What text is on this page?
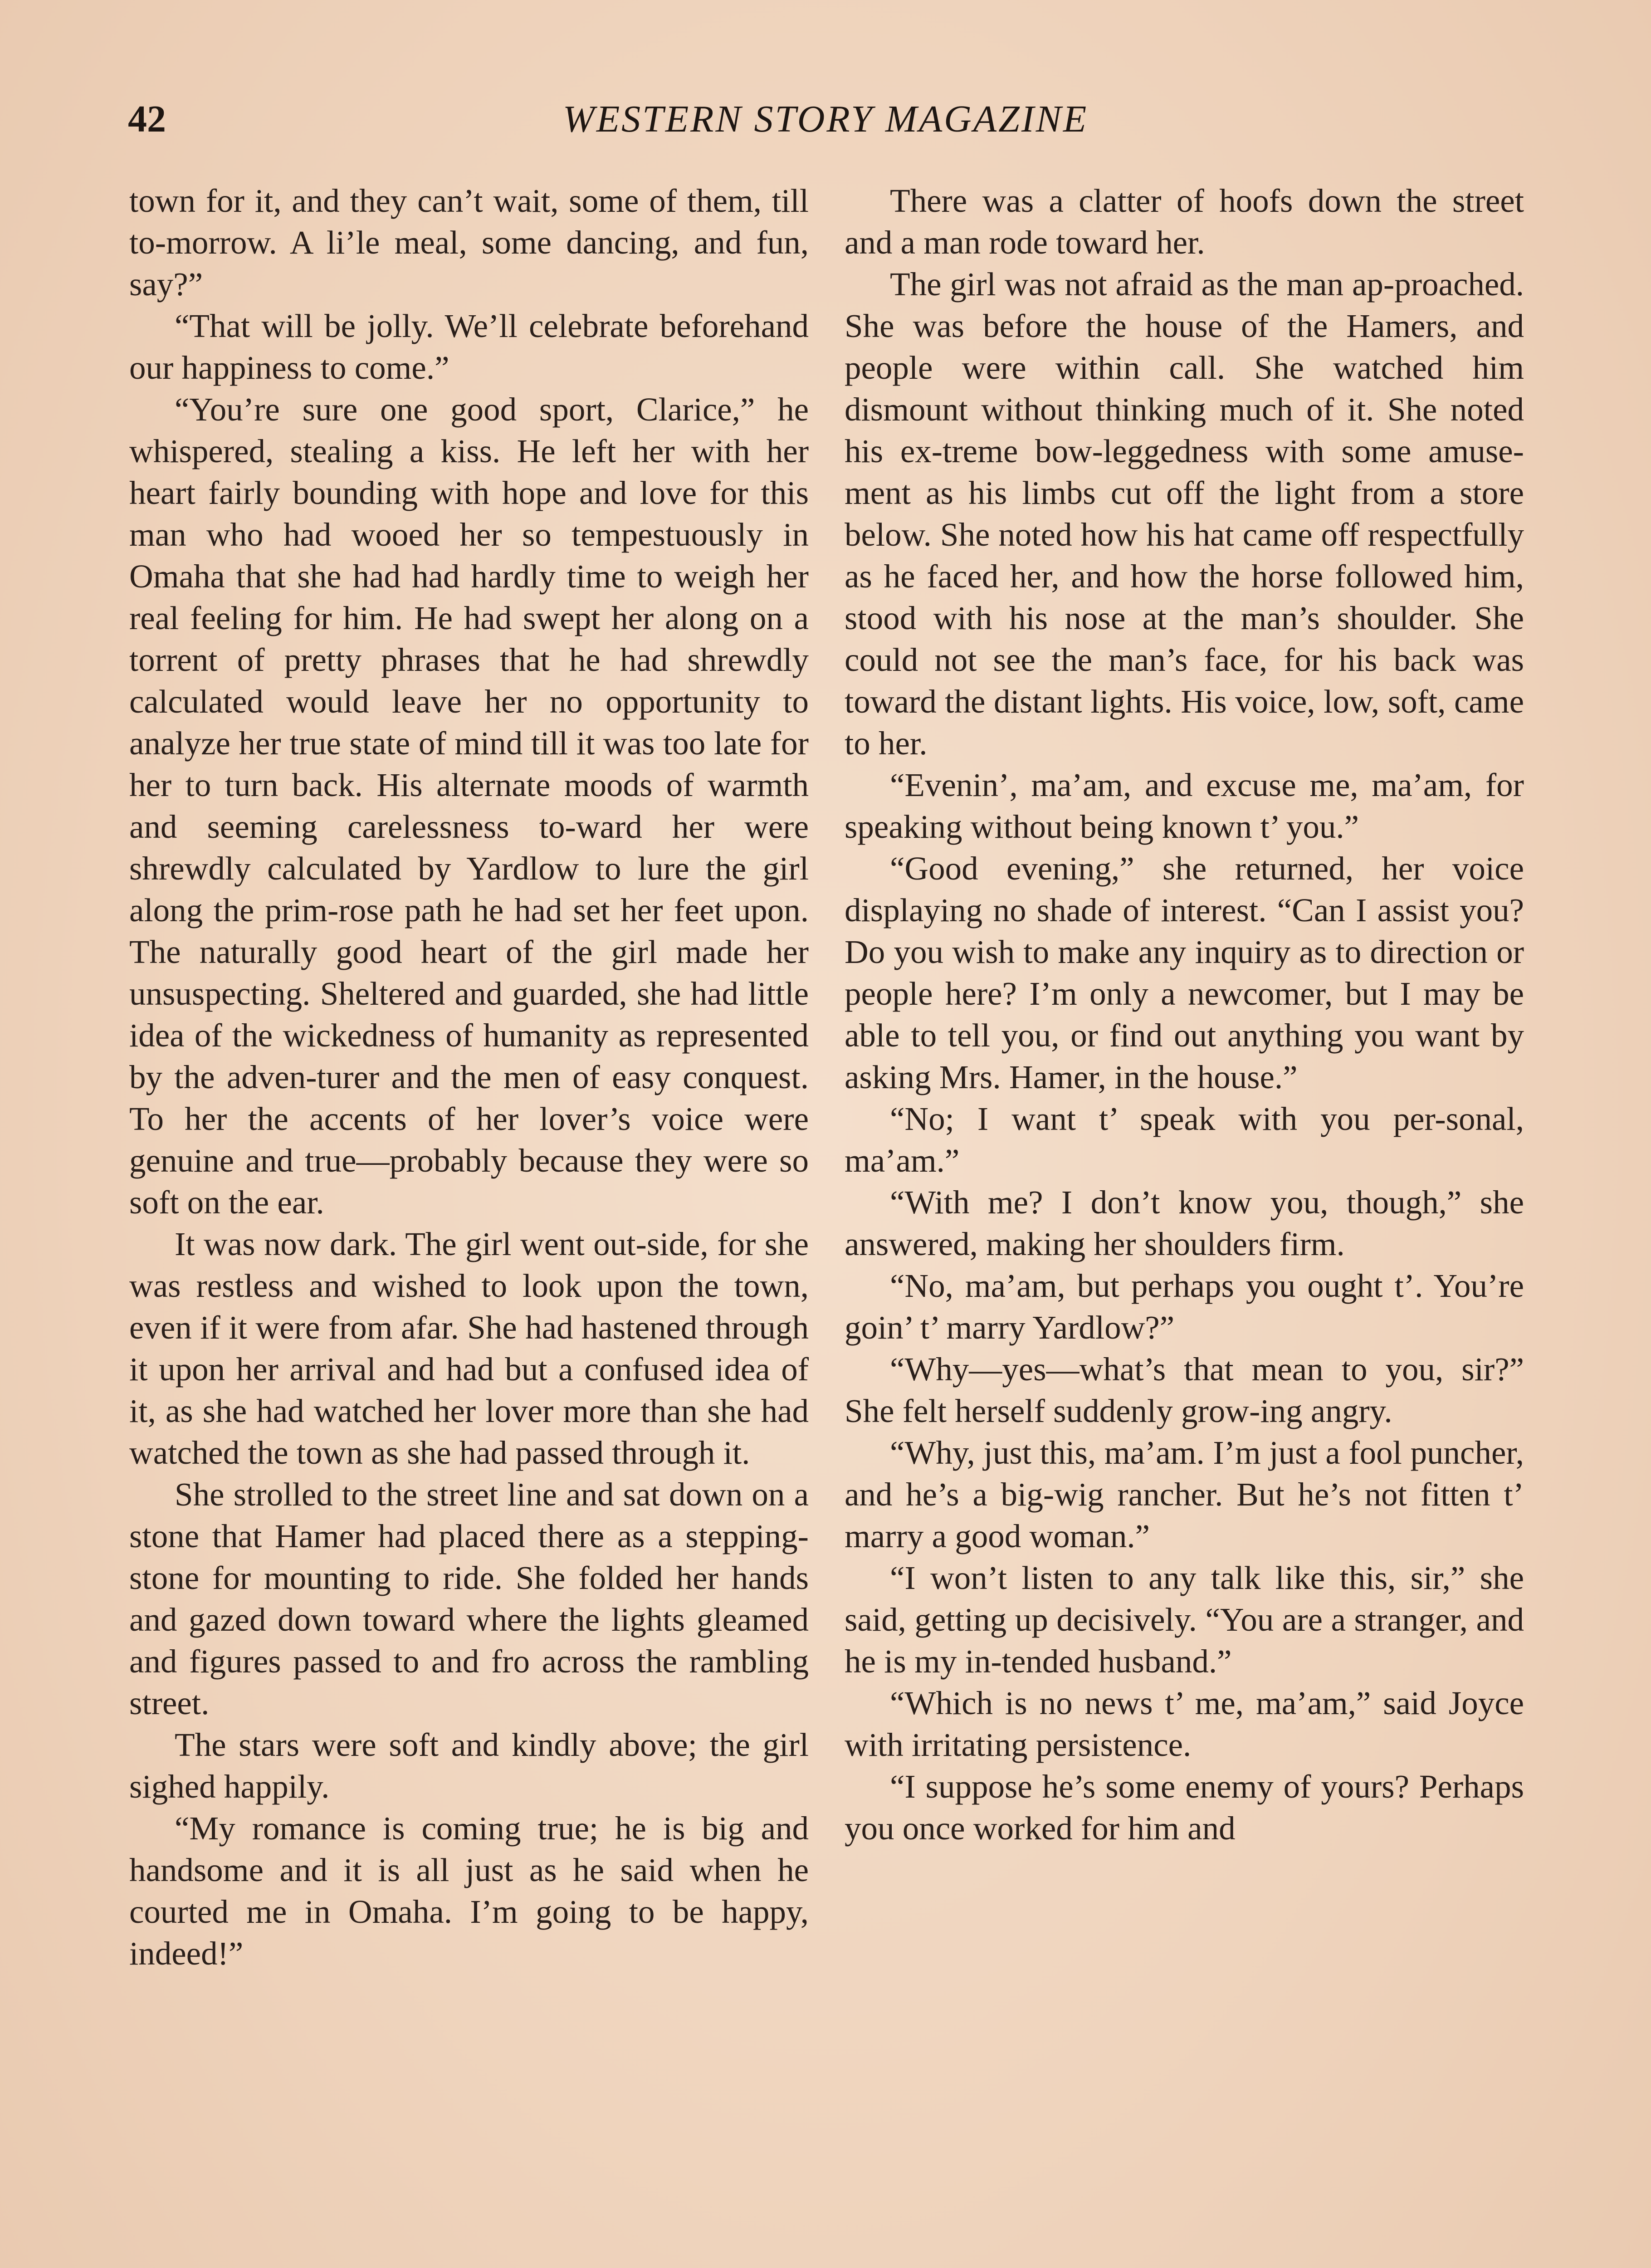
42	WESTERN STORY MAGAZINE

town for it, and they can’t wait, some of them, till to-morrow. A li’le meal, some dancing, and fun, say?”

“That will be jolly. We’ll celebrate beforehand our happiness to come.”

“You’re sure one good sport, Clarice,” he whispered, stealing a kiss. He left her with her heart fairly bounding with hope and love for this man who had wooed her so tempestuously in Omaha that she had had hardly time to weigh her real feeling for him. He had swept her along on a torrent of pretty phrases that he had shrewdly calculated would leave her no opportunity to analyze her true state of mind till it was too late for her to turn back. His alternate moods of warmth and seeming carelessness to-ward her were shrewdly calculated by Yardlow to lure the girl along the prim-rose path he had set her feet upon. The naturally good heart of the girl made her unsuspecting. Sheltered and guarded, she had little idea of the wickedness of humanity as represented by the adven-turer and the men of easy conquest. To her the accents of her lover’s voice were genuine and true—probably because they were so soft on the ear.

It was now dark. The girl went out-side, for she was restless and wished to look upon the town, even if it were from afar. She had hastened through it upon her arrival and had but a confused idea of it, as she had watched her lover more than she had watched the town as she had passed through it.

She strolled to the street line and sat down on a stone that Hamer had placed there as a stepping-stone for mounting to ride. She folded her hands and gazed down toward where the lights gleamed and figures passed to and fro across the rambling street.

The stars were soft and kindly above; the girl sighed happily.

“My romance is coming true; he is big and handsome and it is all just as he said when he courted me in Omaha. I’m going to be happy, indeed!”

There was a clatter of hoofs down the street and a man rode toward her.

The girl was not afraid as the man ap-proached. She was before the house of the Hamers, and people were within call. She watched him dismount without thinking much of it. She noted his ex-treme bow-leggedness with some amuse-ment as his limbs cut off the light from a store below. She noted how his hat came off respectfully as he faced her, and how the horse followed him, stood with his nose at the man’s shoulder. She could not see the man’s face, for his back was toward the distant lights. His voice, low, soft, came to her.

“Evenin’, ma’am, and excuse me, ma’am, for speaking without being known t’ you.”

“Good evening,” she returned, her voice displaying no shade of interest. “Can I assist you? Do you wish to make any inquiry as to direction or people here? I’m only a newcomer, but I may be able to tell you, or find out anything you want by asking Mrs. Hamer, in the house.”

“No; I want t’ speak with you per-sonal, ma’am.”

“With me? I don’t know you, though,” she answered, making her shoulders firm.

“No, ma’am, but perhaps you ought t’. You’re goin’ t’ marry Yardlow?”

“Why—yes—what’s that mean to you, sir?” She felt herself suddenly grow-ing angry.

“Why, just this, ma’am. I’m just a fool puncher, and he’s a big-wig rancher. But he’s not fitten t’ marry a good woman.”

“I won’t listen to any talk like this, sir,” she said, getting up decisively. “You are a stranger, and he is my in-tended husband.”

“Which is no news t’ me, ma’am,” said Joyce with irritating persistence.

“I suppose he’s some enemy of yours? Perhaps you once worked for him and
